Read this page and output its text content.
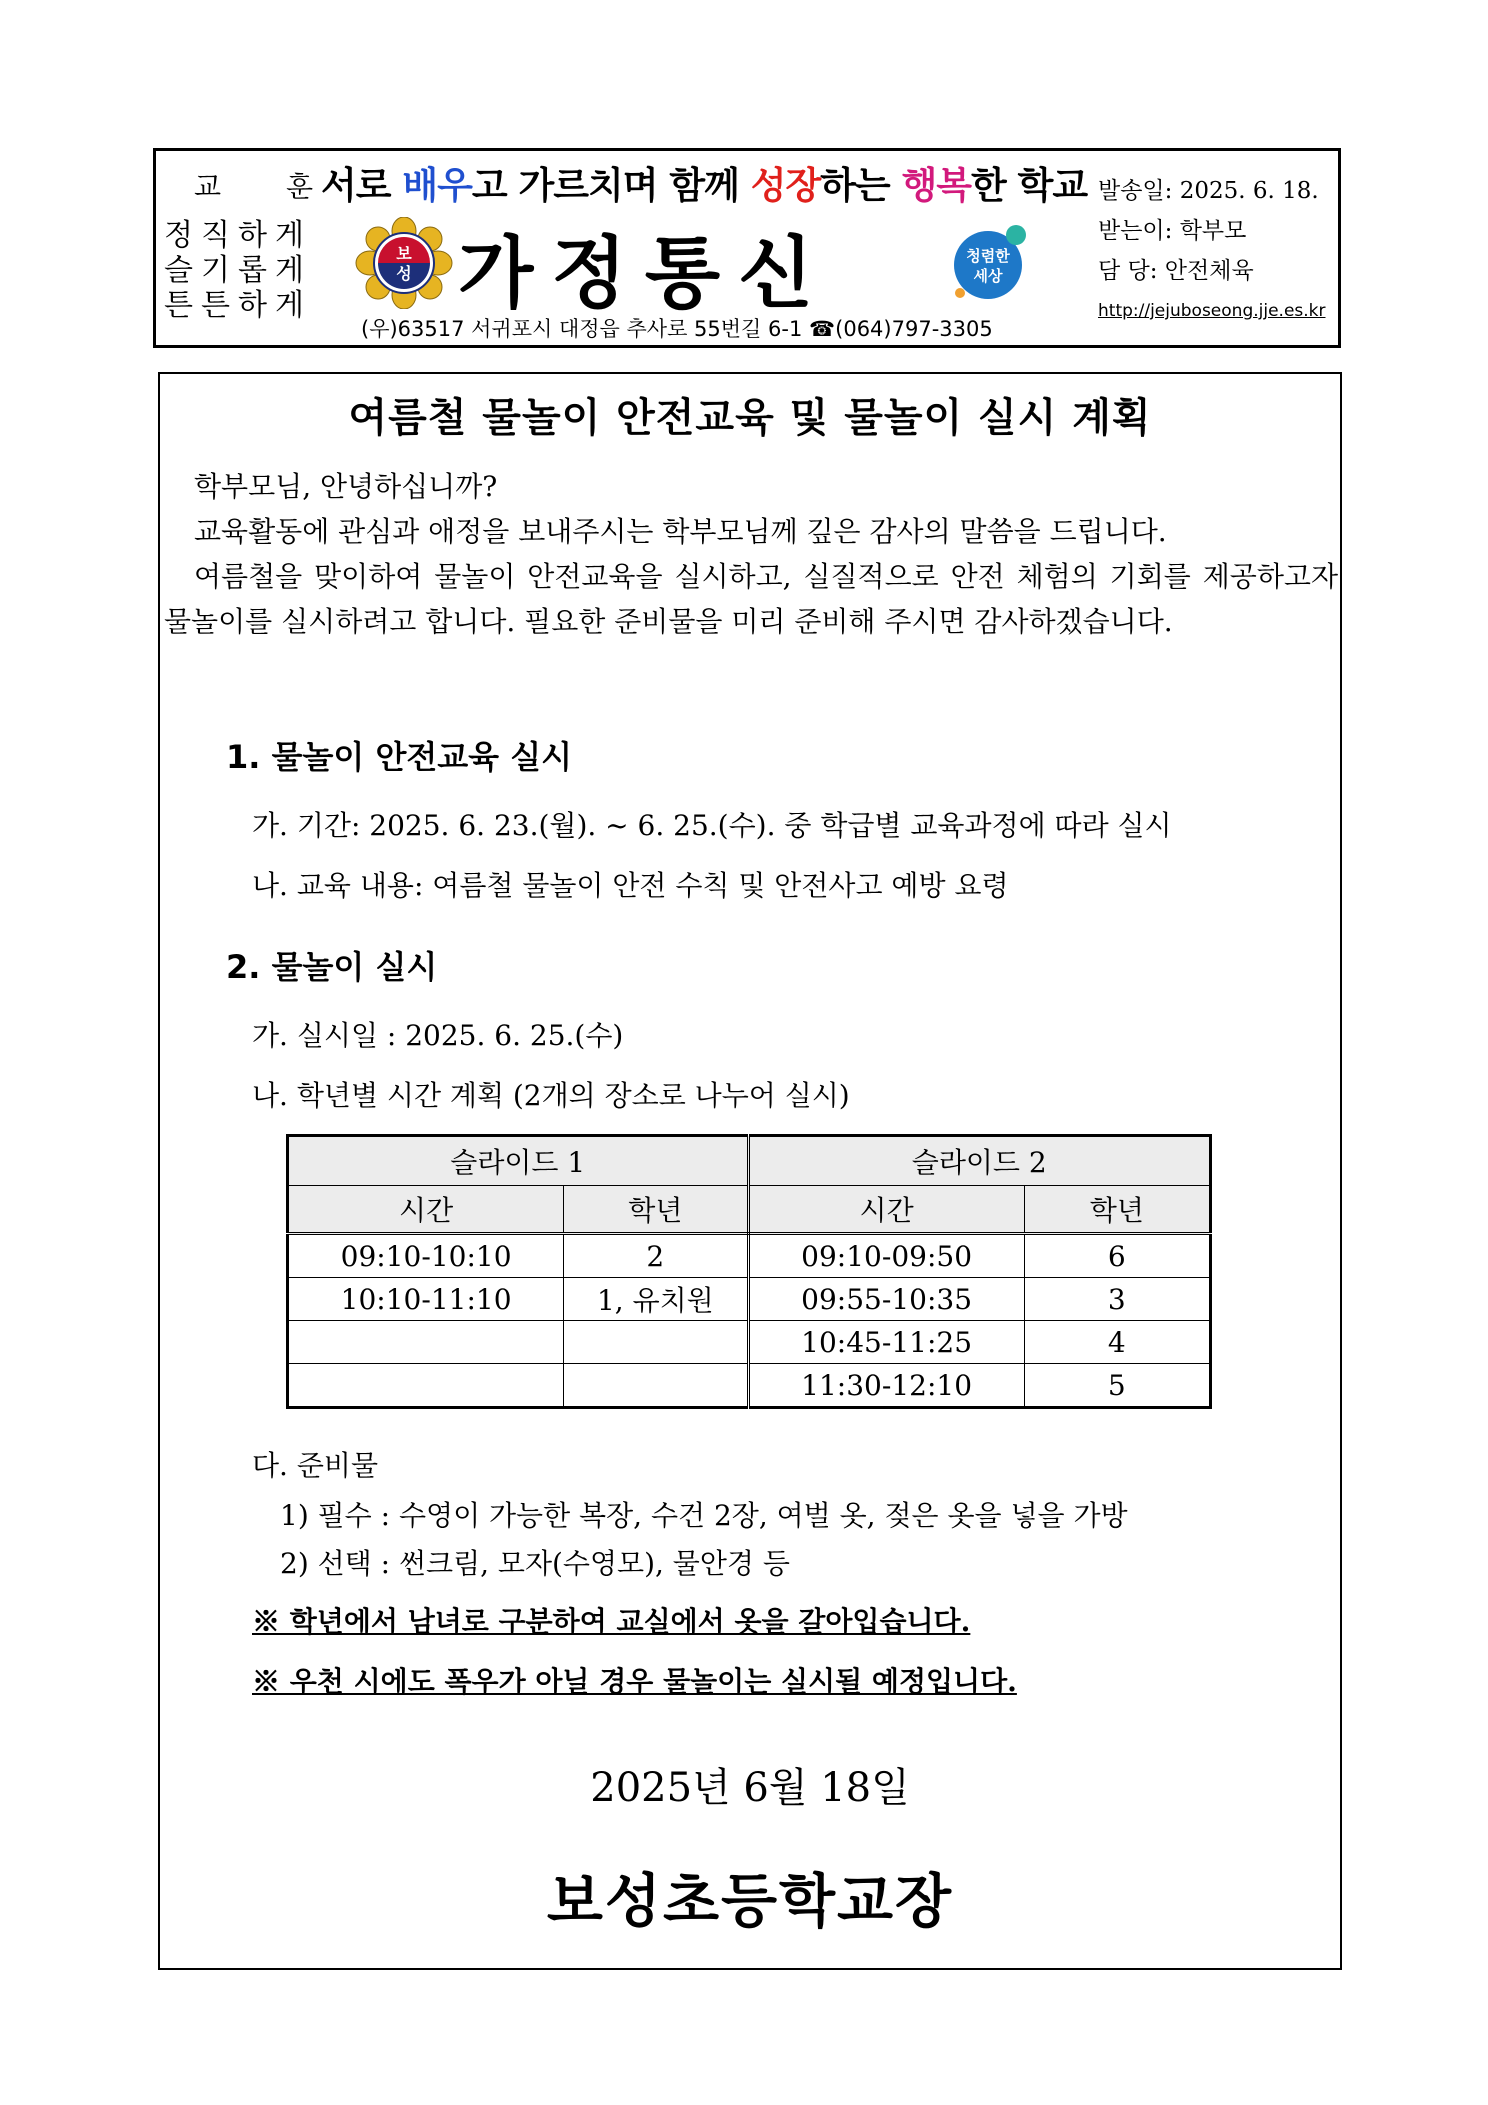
교 훈
서로 배우고 가르치며 함께 성장하는 행복한 학교
정직하게
슬기롭게
튼튼하게
보
성 가정통신	청렴한
세상
(우)63517 서귀포시 대정읍 추사로 55번길 6-1 ☎(064)797-3305
발송일: 2025. 6. 18.
받는이: 학부모
담 당: 안전체육
http://jejuboseong.jje.es.kr
여름철 물놀이 안전교육 및 물놀이 실시 계획

학부모님, 안녕하십니까?

교육활동에 관심과 애정을 보내주시는 학부모님께 깊은 감사의 말씀을 드립니다.

여름철을 맞이하여 물놀이 안전교육을 실시하고, 실질적으로 안전 체험의 기회를 제공하고자 물놀이를 실시하려고 합니다. 필요한 준비물을 미리 준비해 주시면 감사하겠습니다.

1. 물놀이 안전교육 실시
가. 기간: 2025. 6. 23.(월). ~ 6. 25.(수). 중 학급별 교육과정에 따라 실시
나. 교육 내용: 여름철 물놀이 안전 수칙 및 안전사고 예방 요령
2. 물놀이 실시
가. 실시일 : 2025. 6. 25.(수)
나. 학년별 시간 계획 (2개의 장소로 나누어 실시)
슬라이드 1		슬라이드 2	
시간	학년	시간	학년
09:10-10:10	2	09:10-09:50	6
10:10-11:10	1, 유치원	09:55-10:35	3
		10:45-11:25	4
		11:30-12:10	5
다. 준비물
1) 필수 : 수영이 가능한 복장, 수건 2장, 여벌 옷, 젖은 옷을 넣을 가방
2) 선택 : 썬크림, 모자(수영모), 물안경 등
※ 학년에서 남녀로 구분하여 교실에서 옷을 갈아입습니다.
※ 우천 시에도 폭우가 아닐 경우 물놀이는 실시될 예정입니다.
2025년 6월 18일
보성초등학교장
